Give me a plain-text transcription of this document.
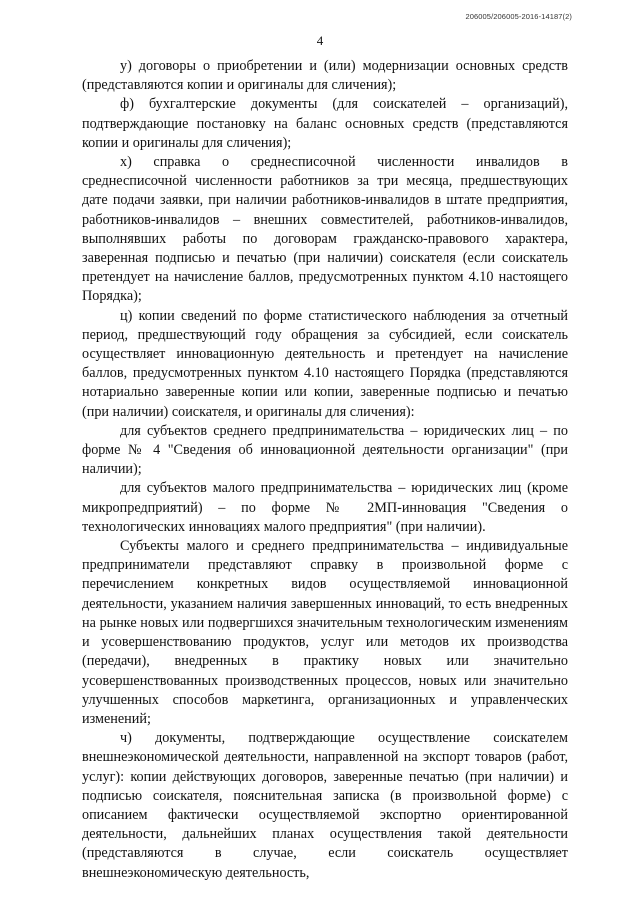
206005/206005-2016-14187(2)
4

у) договоры о приобретении и (или) модернизации основных средств (представляются копии и оригиналы для сличения);

ф) бухгалтерские документы (для соискателей – организаций), подтверждающие постановку на баланс основных средств (представляются копии и оригиналы для сличения);

х) справка о среднесписочной численности инвалидов в среднесписочной численности работников за три месяца, предшествующих дате подачи заявки, при наличии работников-инвалидов в штате предприятия, работников-инвалидов – внешних совместителей, работников-инвалидов, выполнявших работы по договорам гражданско-правового характера, заверенная подписью и печатью (при наличии) соискателя (если соискатель претендует на начисление баллов, предусмотренных пунктом 4.10 настоящего Порядка);

ц) копии сведений по форме статистического наблюдения за отчетный период, предшествующий году обращения за субсидией, если соискатель осуществляет инновационную деятельность и претендует на начисление баллов, предусмотренных пунктом 4.10 настоящего Порядка (представляются нотариально заверенные копии или копии, заверенные подписью и печатью (при наличии) соискателя, и оригиналы для сличения):

для субъектов среднего предпринимательства – юридических лиц – по форме № 4 "Сведения об инновационной деятельности организации" (при наличии);

для субъектов малого предпринимательства – юридических лиц (кроме микропредприятий) – по форме № 2МП-инновация "Сведения о технологических инновациях малого предприятия" (при наличии).

Субъекты малого и среднего предпринимательства – индивидуальные предприниматели представляют справку в произвольной форме с перечислением конкретных видов осуществляемой инновационной деятельности, указанием наличия завершенных инноваций, то есть внедренных на рынке новых или подвергшихся значительным технологическим изменениям и усовершенствованию продуктов, услуг или методов их производства (передачи), внедренных в практику новых или значительно усовершенствованных производственных процессов, новых или значительно улучшенных способов маркетинга, организационных и управленческих изменений;

ч) документы, подтверждающие осуществление соискателем внешнеэкономической деятельности, направленной на экспорт товаров (работ, услуг): копии действующих договоров, заверенные печатью (при наличии) и подписью соискателя, пояснительная записка (в произвольной форме) с описанием фактически осуществляемой экспортно ориентированной деятельности, дальнейших планах осуществления такой деятельности (представляются в случае, если соискатель осуществляет внешнеэкономическую деятельность,
